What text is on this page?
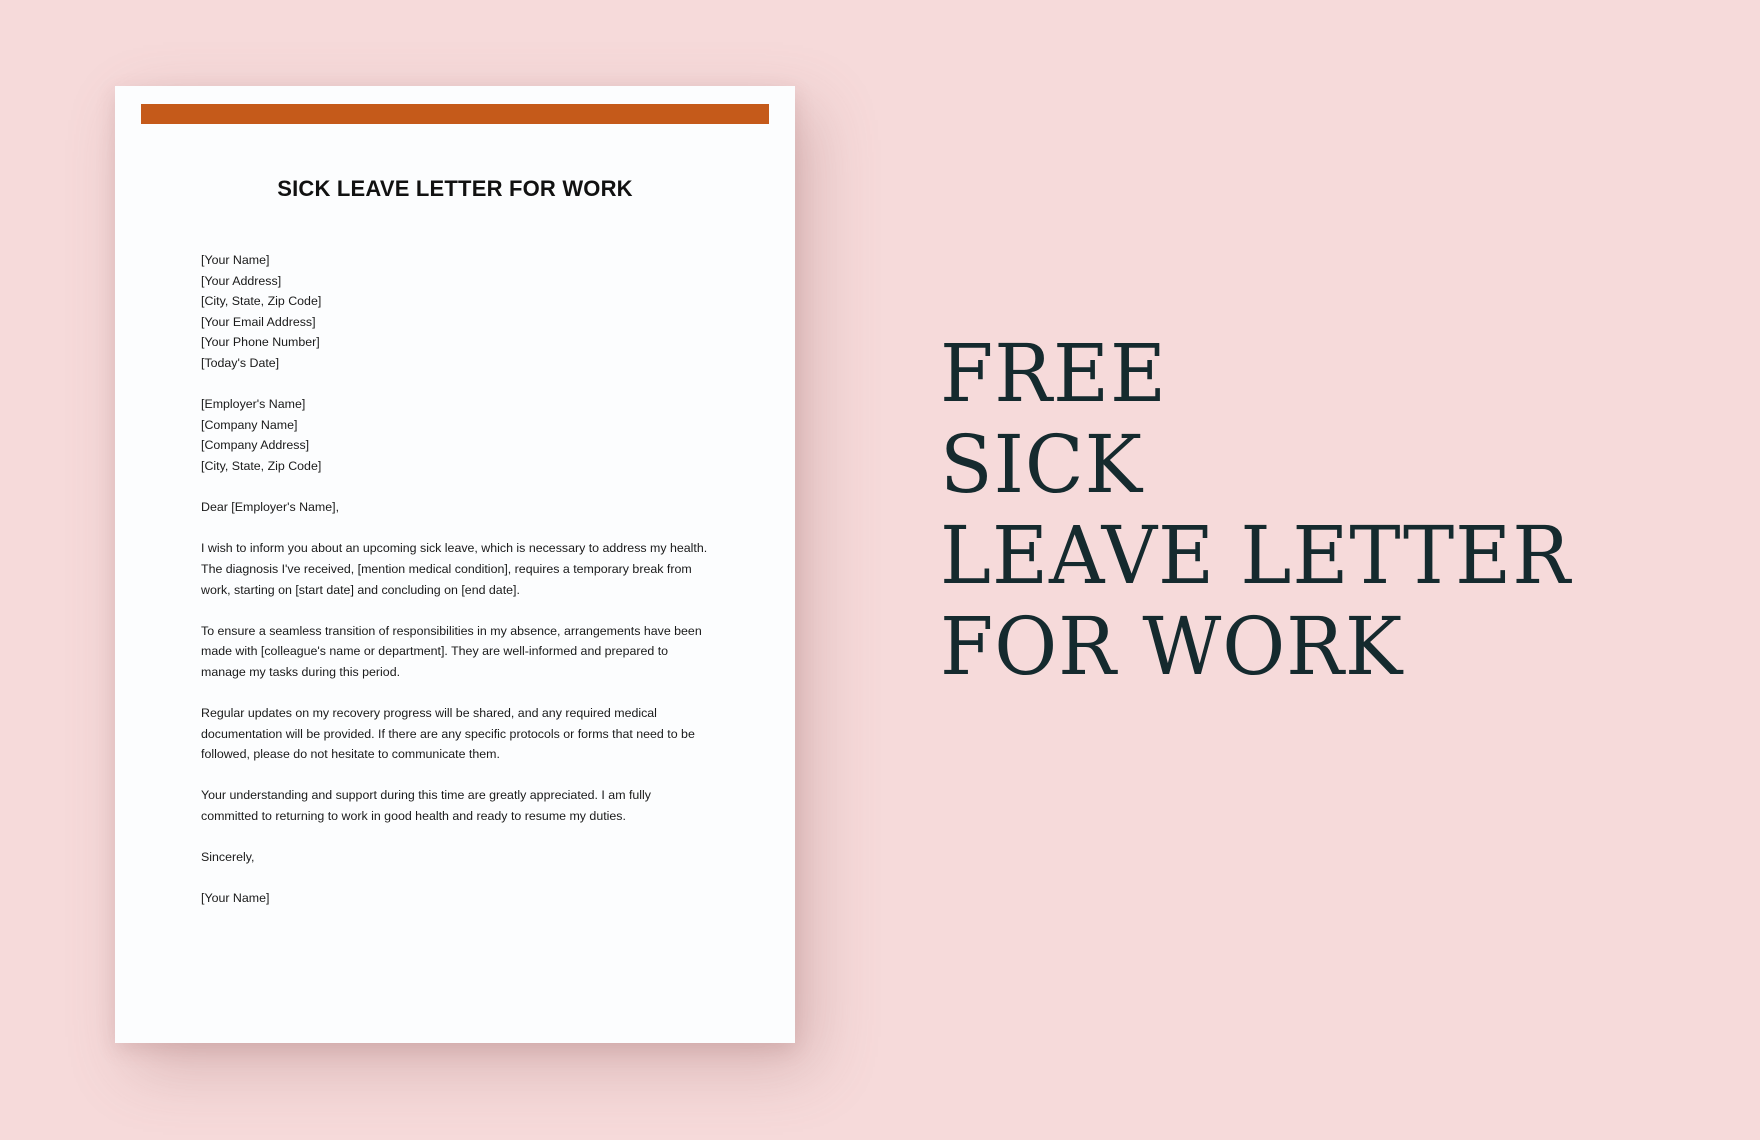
SICK LEAVE LETTER FOR WORK
[Your Name]
[Your Address]
[City, State, Zip Code]
[Your Email Address]
[Your Phone Number]
[Today's Date]
[Employer's Name]
[Company Name]
[Company Address]
[City, State, Zip Code]
Dear [Employer's Name],
I wish to inform you about an upcoming sick leave, which is necessary to address my health.
The diagnosis I've received, [mention medical condition], requires a temporary break from
work, starting on [start date] and concluding on [end date].
To ensure a seamless transition of responsibilities in my absence, arrangements have been
made with [colleague's name or department]. They are well-informed and prepared to
manage my tasks during this period.
Regular updates on my recovery progress will be shared, and any required medical
documentation will be provided. If there are any specific protocols or forms that need to be
followed, please do not hesitate to communicate them.
Your understanding and support during this time are greatly appreciated. I am fully
committed to returning to work in good health and ready to resume my duties.
Sincerely,
[Your Name]
FREE
SICK
LEAVE LETTER
FOR WORK
